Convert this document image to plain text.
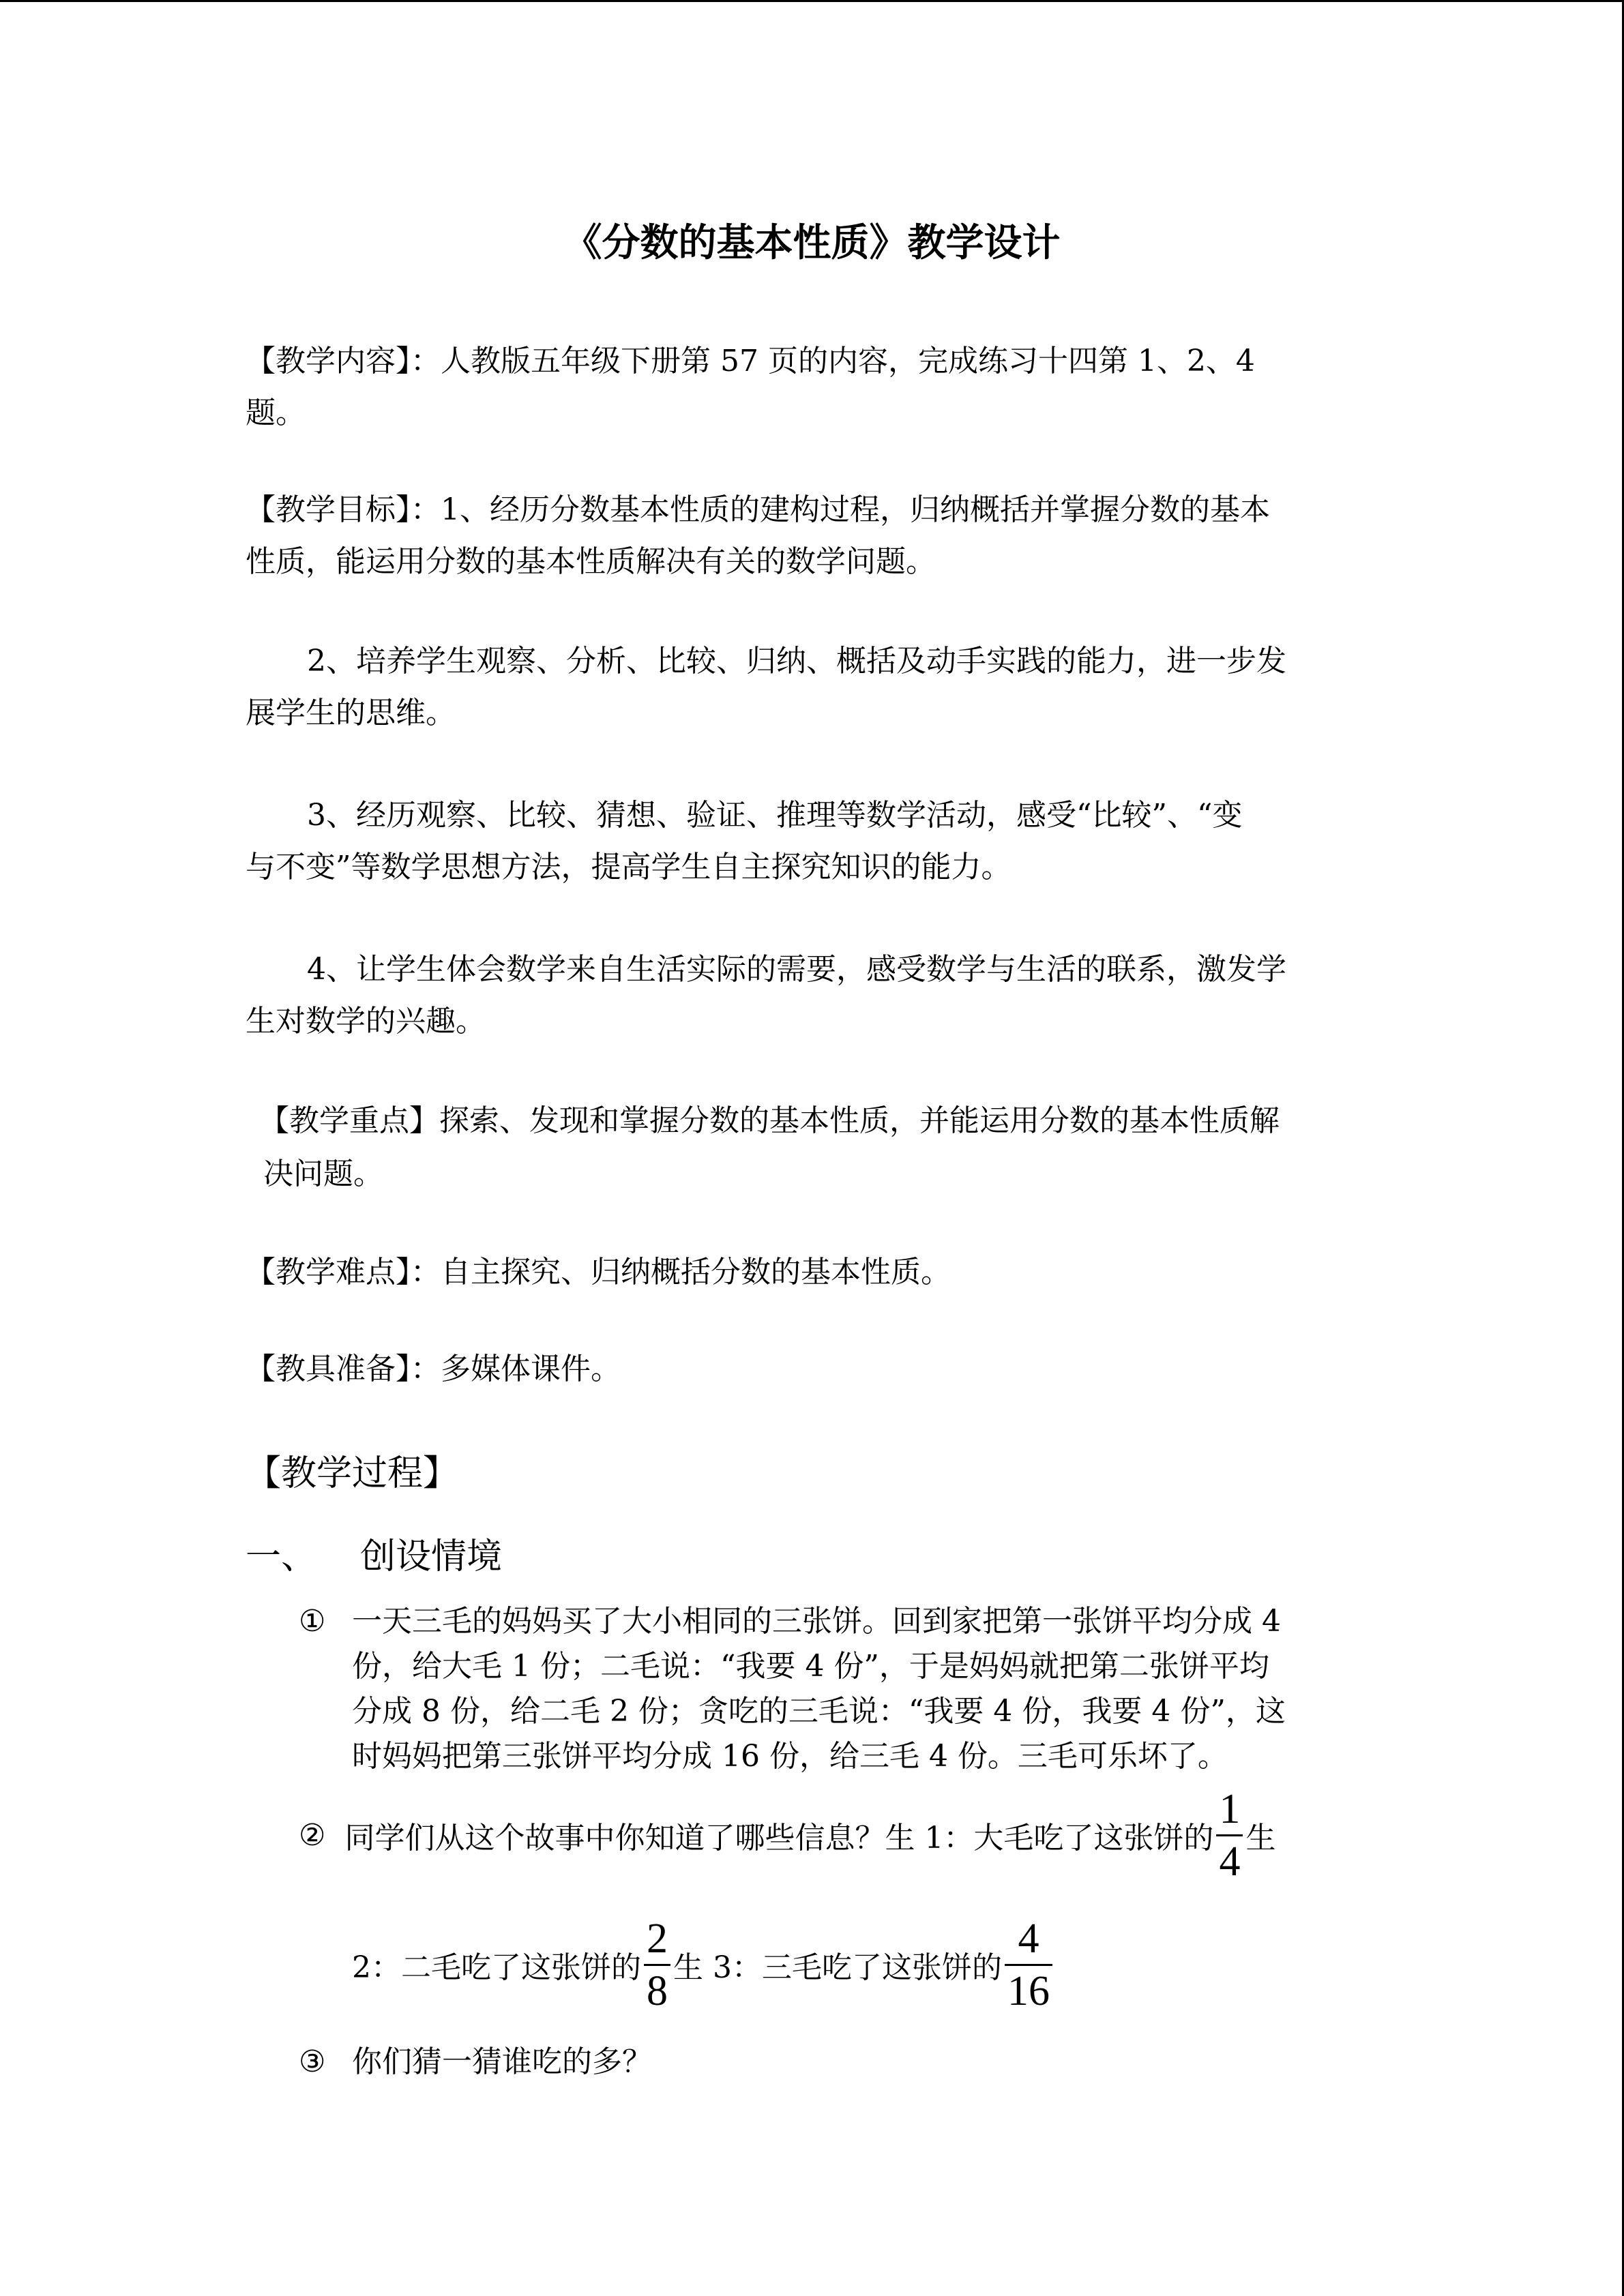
《分数的基本性质》教学设计
【教学内容】：人教版五年级下册第 57 页的内容，完成练习十四第 1、2、4
题。
【教学目标】：1、经历分数基本性质的建构过程，归纳概括并掌握分数的基本
性质，能运用分数的基本性质解决有关的数学问题。
2、培养学生观察、分析、比较、归纳、概括及动手实践的能力，进一步发
展学生的思维。
3、经历观察、比较、猜想、验证、推理等数学活动，感受“比较”、“变
与不变”等数学思想方法，提高学生自主探究知识的能力。
4、让学生体会数学来自生活实际的需要，感受数学与生活的联系，激发学
生对数学的兴趣。
【教学重点】探索、发现和掌握分数的基本性质，并能运用分数的基本性质解
决问题。
【教学难点】：自主探究、归纳概括分数的基本性质。
【教具准备】：多媒体课件。
【教学过程】
一、 创设情境
① 一天三毛的妈妈买了大小相同的三张饼。回到家把第一张饼平均分成 4
份，给大毛 1 份；二毛说：“我要 4 份”，于是妈妈就把第二张饼平均
分成 8 份，给二毛 2 份；贪吃的三毛说：“我要 4 份，我要 4 份”，这
时妈妈把第三张饼平均分成 16 份，给三毛 4 份。三毛可乐坏了。
② 同学们从这个故事中你知道了哪些信息？生 1：大毛吃了这张饼的 $\frac{1}{4}$ 生
2：二毛吃了这张饼的 $\frac{2}{8}$ 生 3：三毛吃了这张饼的 $\frac{4}{16}$
③ 你们猜一猜谁吃的多？
